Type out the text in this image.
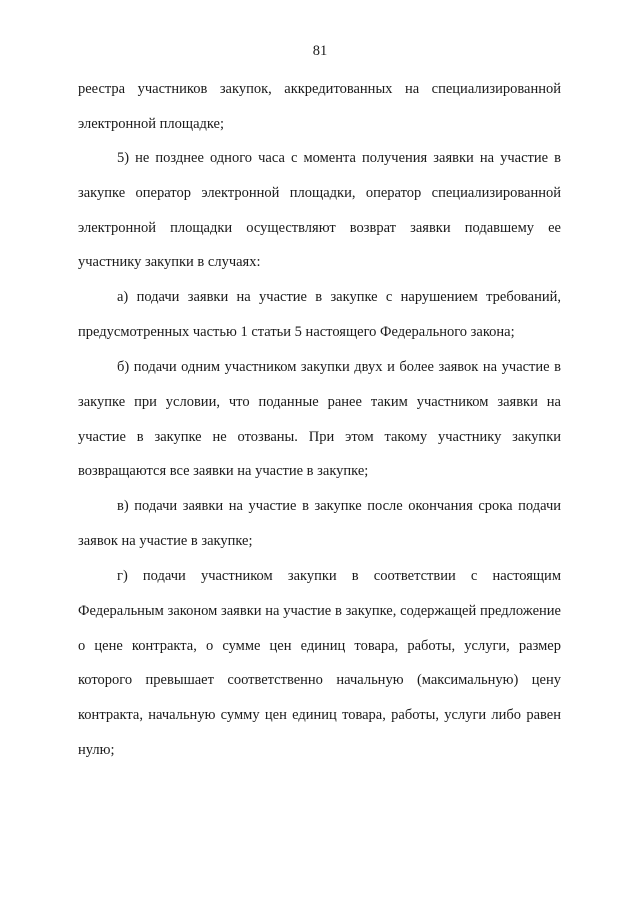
81
реестра участников закупок, аккредитованных на специализированной электронной площадке;
5) не позднее одного часа с момента получения заявки на участие в закупке оператор электронной площадки, оператор специализированной электронной площадки осуществляют возврат заявки подавшему ее участнику закупки в случаях:
а) подачи заявки на участие в закупке с нарушением требований, предусмотренных частью 1 статьи 5 настоящего Федерального закона;
б) подачи одним участником закупки двух и более заявок на участие в закупке при условии, что поданные ранее таким участником заявки на участие в закупке не отозваны. При этом такому участнику закупки возвращаются все заявки на участие в закупке;
в) подачи заявки на участие в закупке после окончания срока подачи заявок на участие в закупке;
г) подачи участником закупки в соответствии с настоящим Федеральным законом заявки на участие в закупке, содержащей предложение о цене контракта, о сумме цен единиц товара, работы, услуги, размер которого превышает соответственно начальную (максимальную) цену контракта, начальную сумму цен единиц товара, работы, услуги либо равен нулю;
